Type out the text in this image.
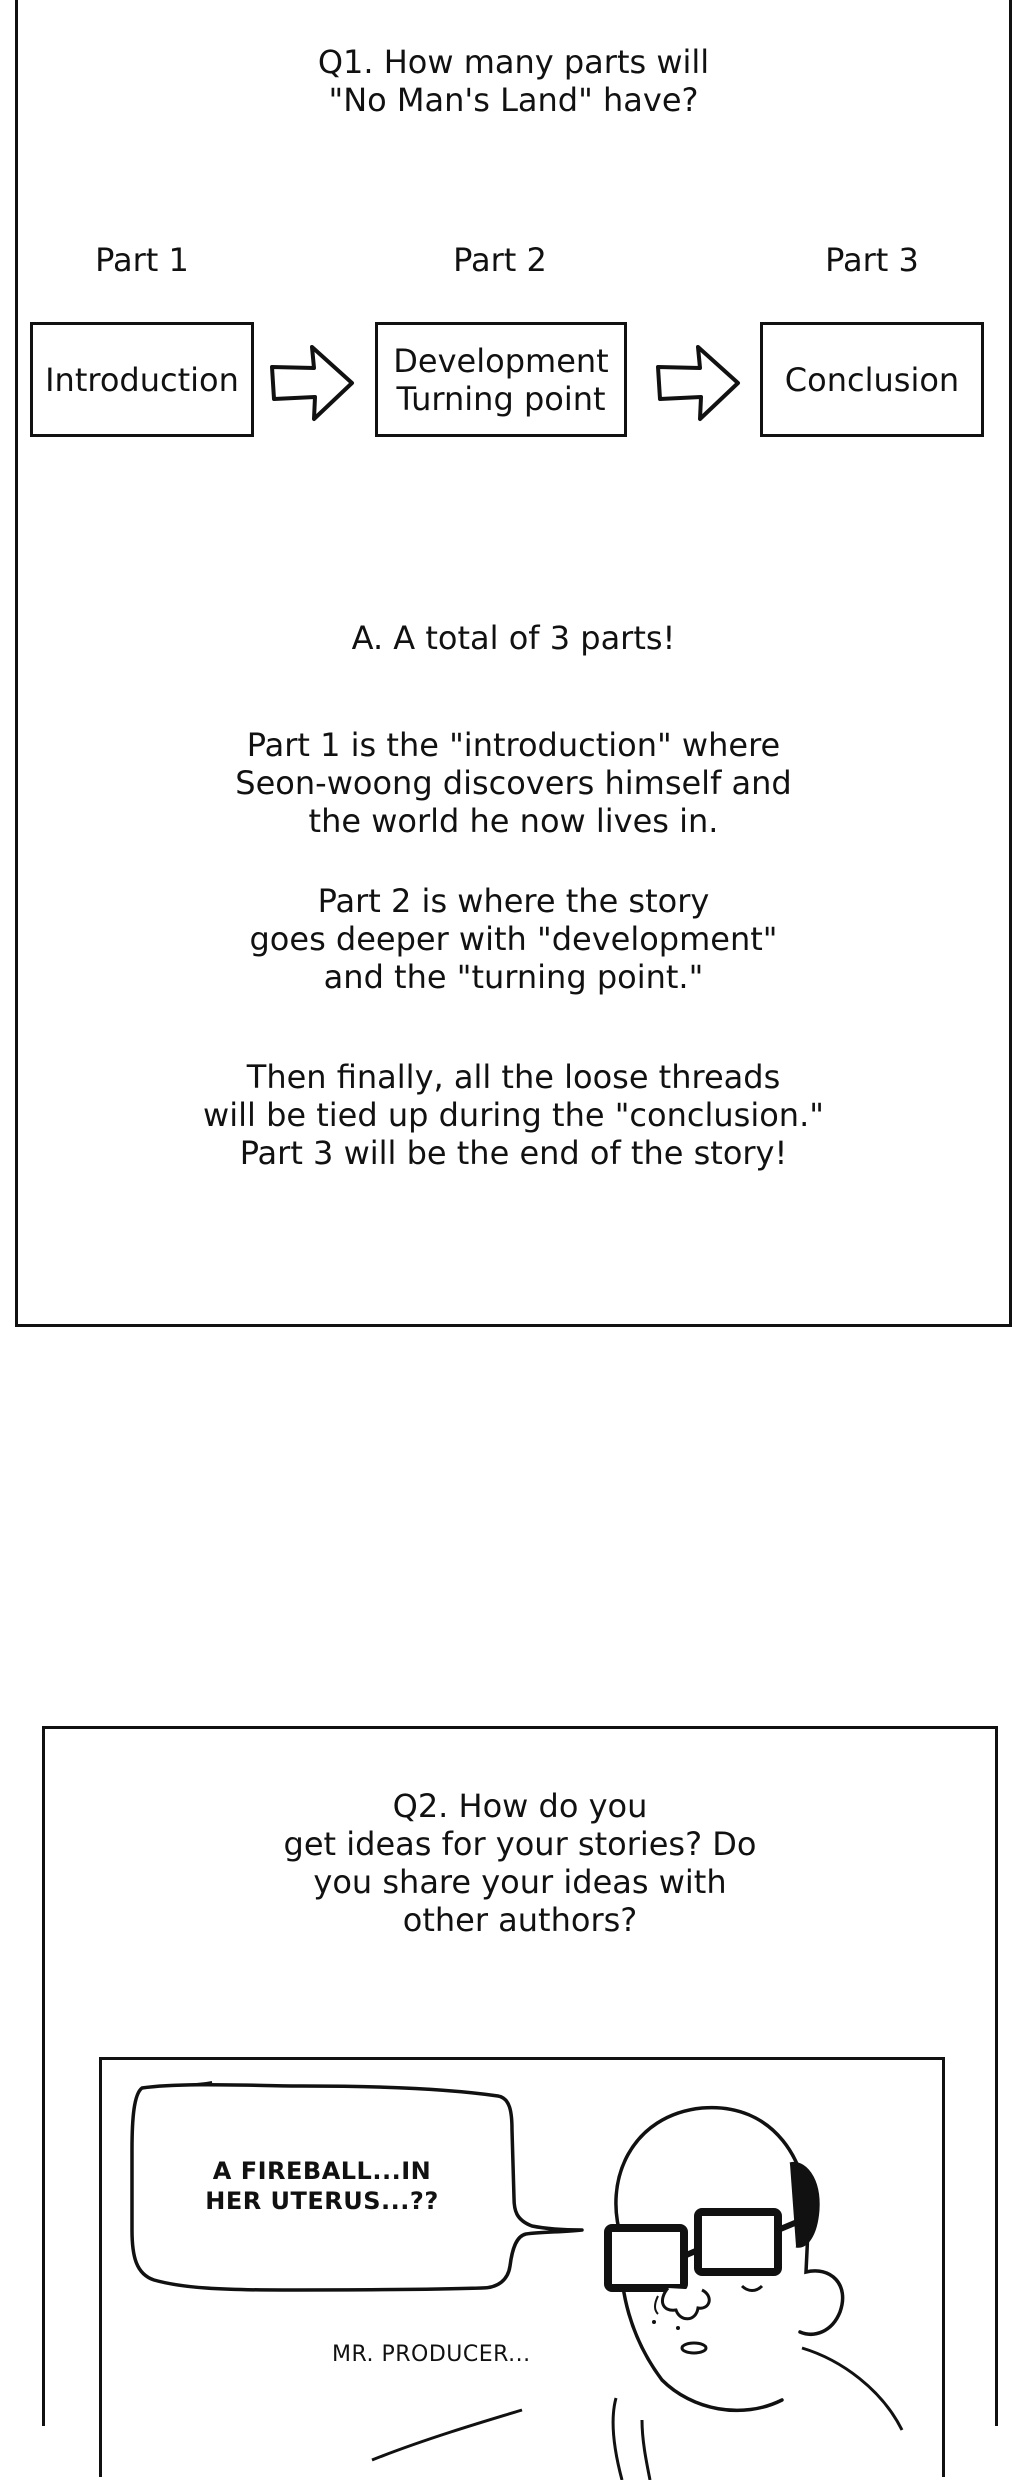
Q1. How many parts will
"No Man's Land" have?
Part 1	Part 2	Part 3
Introduction	Development
Turning point	Conclusion
A. A total of 3 parts!
Part 1 is the "introduction" where
Seon-woong discovers himself and
the world he now lives in.
Part 2 is where the story
goes deeper with "development"
and the "turning point."
Then finally, all the loose threads
will be tied up during the "conclusion."
Part 3 will be the end of the story!
Q2. How do you
get ideas for your stories? Do
you share your ideas with
other authors?
A FIREBALL...IN
HER UTERUS...??
MR. PRODUCER...
